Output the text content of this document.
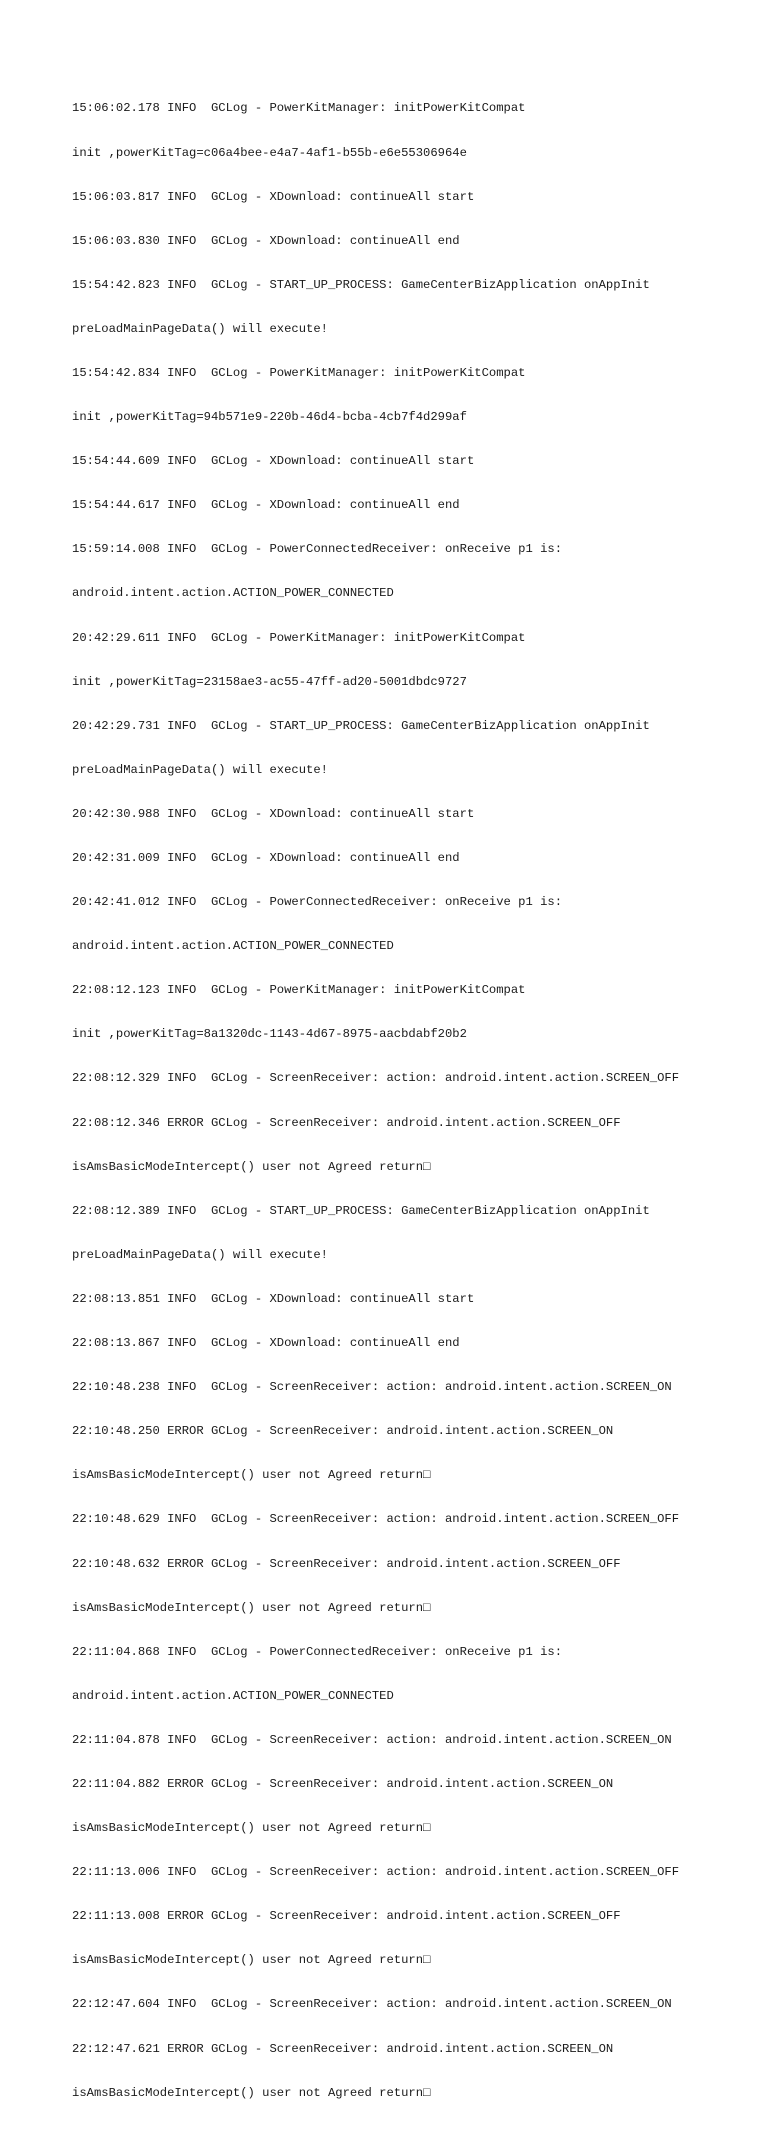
15:06:02.178 INFO  GCLog - PowerKitManager: initPowerKitCompat

init ,powerKitTag=c06a4bee-e4a7-4af1-b55b-e6e55306964e

15:06:03.817 INFO  GCLog - XDownload: continueAll start

15:06:03.830 INFO  GCLog - XDownload: continueAll end

15:54:42.823 INFO  GCLog - START_UP_PROCESS: GameCenterBizApplication onAppInit

preLoadMainPageData() will execute!

15:54:42.834 INFO  GCLog - PowerKitManager: initPowerKitCompat

init ,powerKitTag=94b571e9-220b-46d4-bcba-4cb7f4d299af

15:54:44.609 INFO  GCLog - XDownload: continueAll start

15:54:44.617 INFO  GCLog - XDownload: continueAll end

15:59:14.008 INFO  GCLog - PowerConnectedReceiver: onReceive p1 is:

android.intent.action.ACTION_POWER_CONNECTED

20:42:29.611 INFO  GCLog - PowerKitManager: initPowerKitCompat

init ,powerKitTag=23158ae3-ac55-47ff-ad20-5001dbdc9727

20:42:29.731 INFO  GCLog - START_UP_PROCESS: GameCenterBizApplication onAppInit

preLoadMainPageData() will execute!

20:42:30.988 INFO  GCLog - XDownload: continueAll start

20:42:31.009 INFO  GCLog - XDownload: continueAll end

20:42:41.012 INFO  GCLog - PowerConnectedReceiver: onReceive p1 is:

android.intent.action.ACTION_POWER_CONNECTED

22:08:12.123 INFO  GCLog - PowerKitManager: initPowerKitCompat

init ,powerKitTag=8a1320dc-1143-4d67-8975-aacbdabf20b2

22:08:12.329 INFO  GCLog - ScreenReceiver: action: android.intent.action.SCREEN_OFF

22:08:12.346 ERROR GCLog - ScreenReceiver: android.intent.action.SCREEN_OFF

isAmsBasicModeIntercept() user not Agreed return□

22:08:12.389 INFO  GCLog - START_UP_PROCESS: GameCenterBizApplication onAppInit

preLoadMainPageData() will execute!

22:08:13.851 INFO  GCLog - XDownload: continueAll start

22:08:13.867 INFO  GCLog - XDownload: continueAll end

22:10:48.238 INFO  GCLog - ScreenReceiver: action: android.intent.action.SCREEN_ON

22:10:48.250 ERROR GCLog - ScreenReceiver: android.intent.action.SCREEN_ON

isAmsBasicModeIntercept() user not Agreed return□

22:10:48.629 INFO  GCLog - ScreenReceiver: action: android.intent.action.SCREEN_OFF

22:10:48.632 ERROR GCLog - ScreenReceiver: android.intent.action.SCREEN_OFF

isAmsBasicModeIntercept() user not Agreed return□

22:11:04.868 INFO  GCLog - PowerConnectedReceiver: onReceive p1 is:

android.intent.action.ACTION_POWER_CONNECTED

22:11:04.878 INFO  GCLog - ScreenReceiver: action: android.intent.action.SCREEN_ON

22:11:04.882 ERROR GCLog - ScreenReceiver: android.intent.action.SCREEN_ON

isAmsBasicModeIntercept() user not Agreed return□

22:11:13.006 INFO  GCLog - ScreenReceiver: action: android.intent.action.SCREEN_OFF

22:11:13.008 ERROR GCLog - ScreenReceiver: android.intent.action.SCREEN_OFF

isAmsBasicModeIntercept() user not Agreed return□

22:12:47.604 INFO  GCLog - ScreenReceiver: action: android.intent.action.SCREEN_ON

22:12:47.621 ERROR GCLog - ScreenReceiver: android.intent.action.SCREEN_ON

isAmsBasicModeIntercept() user not Agreed return□
